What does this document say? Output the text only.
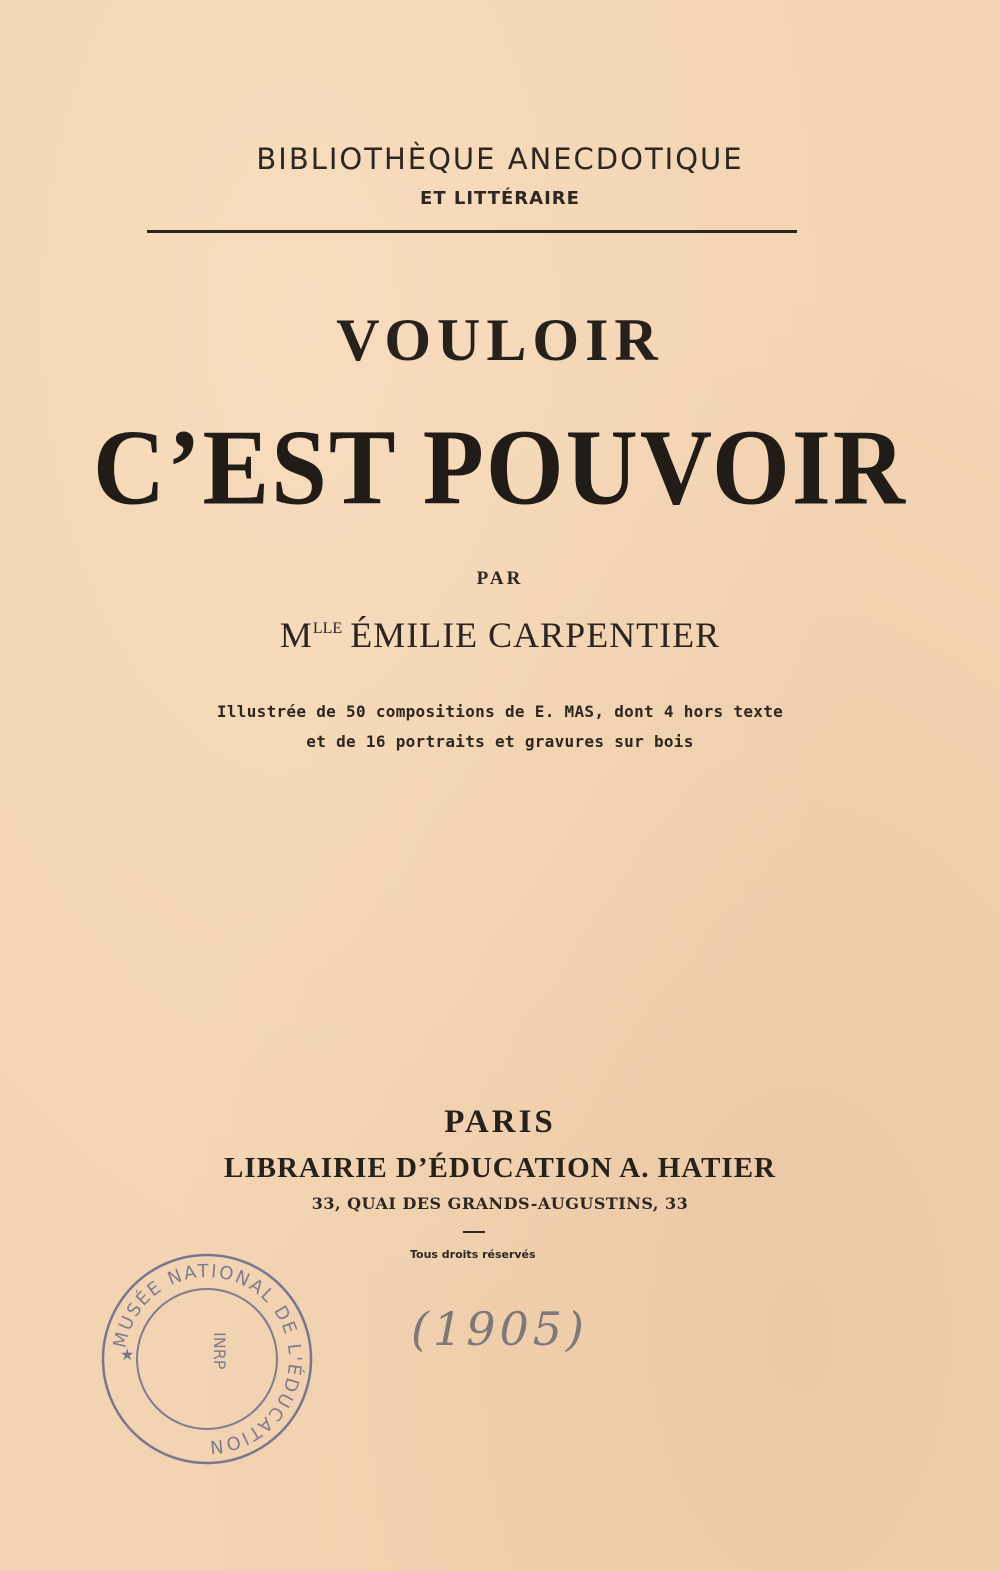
BIBLIOTHÈQUE ANECDOTIQUE
ET LITTÉRAIRE
VOULOIR
C’EST POUVOIR
PAR
$M^{LLE}$ ÉMILIE CARPENTIER
Illustrée de 50 compositions de E. MAS, dont 4 hors texte
et de 16 portraits et gravures sur bois
PARIS
LIBRAIRIE D’ÉDUCATION A. HATIER
33, QUAI DES GRANDS-AUGUSTINS, 33
Tous droits réservés
MUSÉE NATIONAL DE L'ÉDUCATION
★	INRP	(1905)
